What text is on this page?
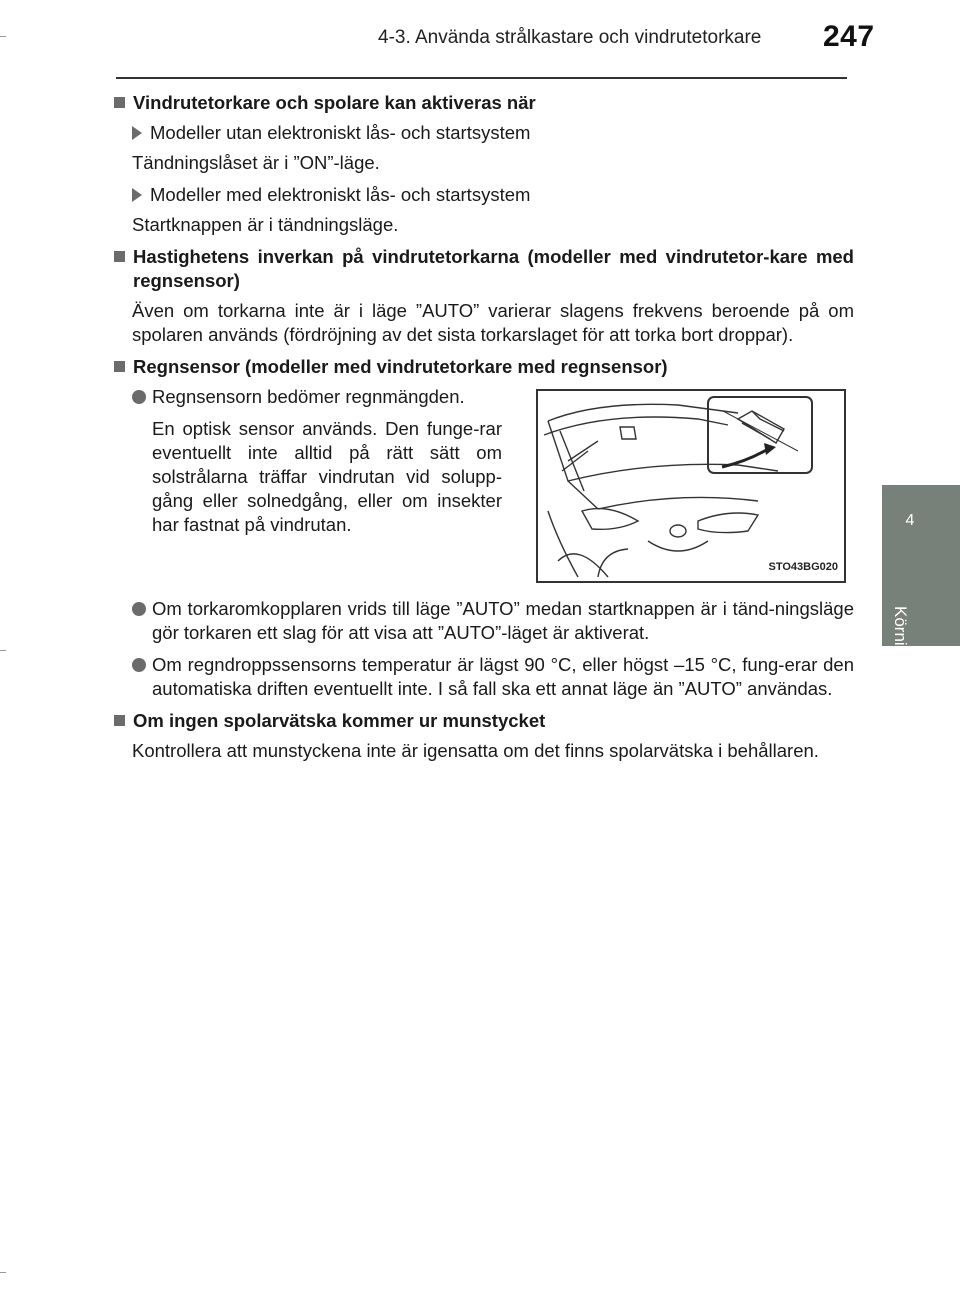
4-3. Använda strålkastare och vindrutetorkare 247
4
Körning
Vindrutetorkare och spolare kan aktiveras när
Modeller utan elektroniskt lås- och startsystem
Tändningslåset är i ”ON”-läge.
Modeller med elektroniskt lås- och startsystem
Startknappen är i tändningsläge.
Hastighetens inverkan på vindrutetorkarna (modeller med vindrutetor-kare med regnsensor)
Även om torkarna inte är i läge ”AUTO” varierar slagens frekvens beroende på om spolaren används (fördröjning av det sista torkarslaget för att torka bort droppar).
Regnsensor (modeller med vindrutetorkare med regnsensor)
Regnsensorn bedömer regnmängden.
En optisk sensor används. Den funge-rar eventuellt inte alltid på rätt sätt om solstrålarna träffar vindrutan vid solupp-gång eller solnedgång, eller om insekter har fastnat på vindrutan.
STO43BG020
Om torkaromkopplaren vrids till läge ”AUTO” medan startknappen är i tänd-ningsläge gör torkaren ett slag för att visa att ”AUTO”-läget är aktiverat.
Om regndroppssensorns temperatur är lägst 90 °C, eller högst –15 °C, fung-erar den automatiska driften eventuellt inte. I så fall ska ett annat läge än ”AUTO” användas.
Om ingen spolarvätska kommer ur munstycket
Kontrollera att munstyckena inte är igensatta om det finns spolarvätska i behållaren.
